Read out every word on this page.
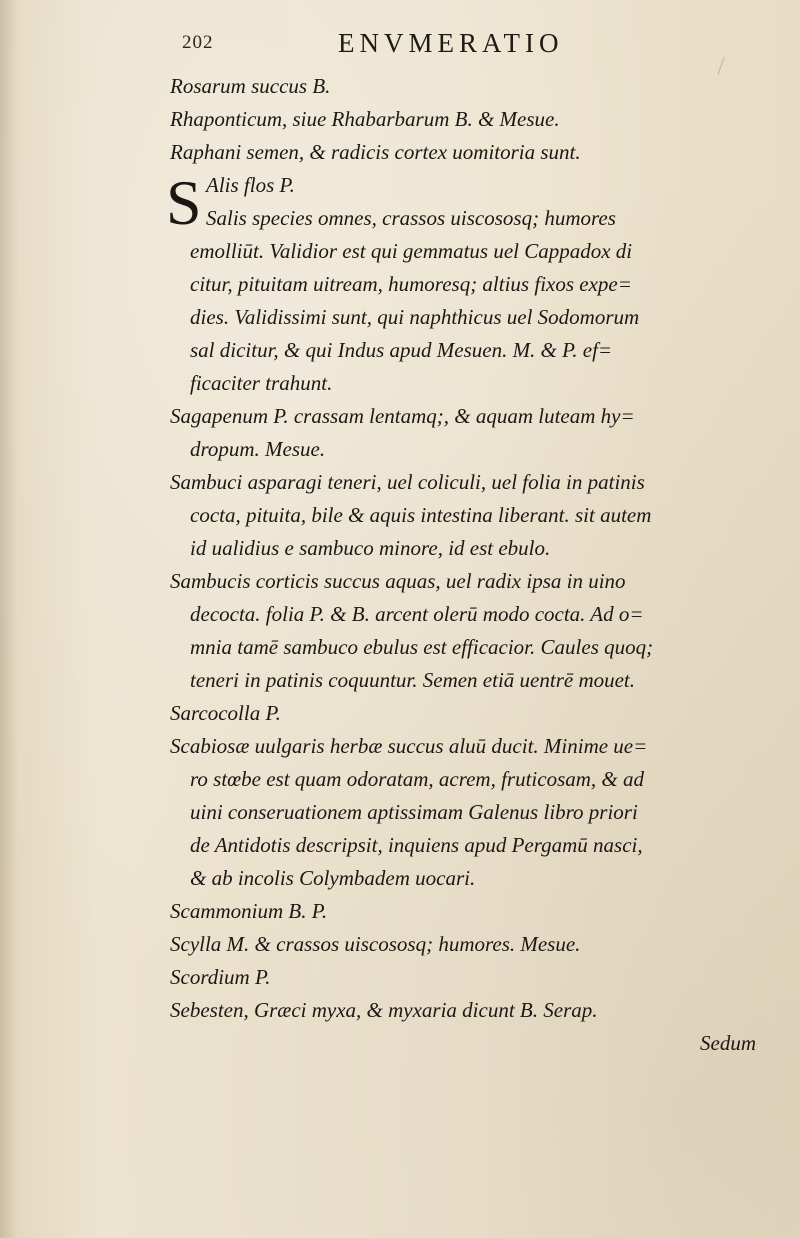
202	ENVMERATIO
Rosarum succus B.
Rhaponticum, siue Rhabarbarum B. & Mesue.
Raphani semen, & radicis cortex uomitoria sunt.
S Alis flos P.
Salis species omnes, crassos uiscososq; humores
emolliūt. Validior est qui gemmatus uel Cappadox di
citur, pituitam uitream, humoresq; altius fixos expe=
dies. Validissimi sunt, qui naphthicus uel Sodomorum
sal dicitur, & qui Indus apud Mesuen. M. & P. ef=
ficaciter trahunt.
Sagapenum P. crassam lentamq;, & aquam luteam hy=
dropum. Mesue.
Sambuci asparagi teneri, uel coliculi, uel folia in patinis
cocta, pituita, bile & aquis intestina liberant. sit autem
id ualidius e sambuco minore, id est ebulo.
Sambucis corticis succus aquas, uel radix ipsa in uino
decocta. folia P. & B. arcent olerū modo cocta. Ad o=
mnia tamē sambuco ebulus est efficacior. Caules quoq;
teneri in patinis coquuntur. Semen etiā uentrē mouet.
Sarcocolla P.
Scabiosæ uulgaris herbæ succus aluū ducit. Minime ue=
ro stœbe est quam odoratam, acrem, fruticosam, & ad
uini conseruationem aptissimam Galenus libro priori
de Antidotis descripsit, inquiens apud Pergamū nasci,
& ab incolis Colymbadem uocari.
Scammonium B. P.
Scylla M. & crassos uiscososq; humores. Mesue.
Scordium P.
Sebesten, Græci myxa, & myxaria dicunt B. Serap.
Sedum
